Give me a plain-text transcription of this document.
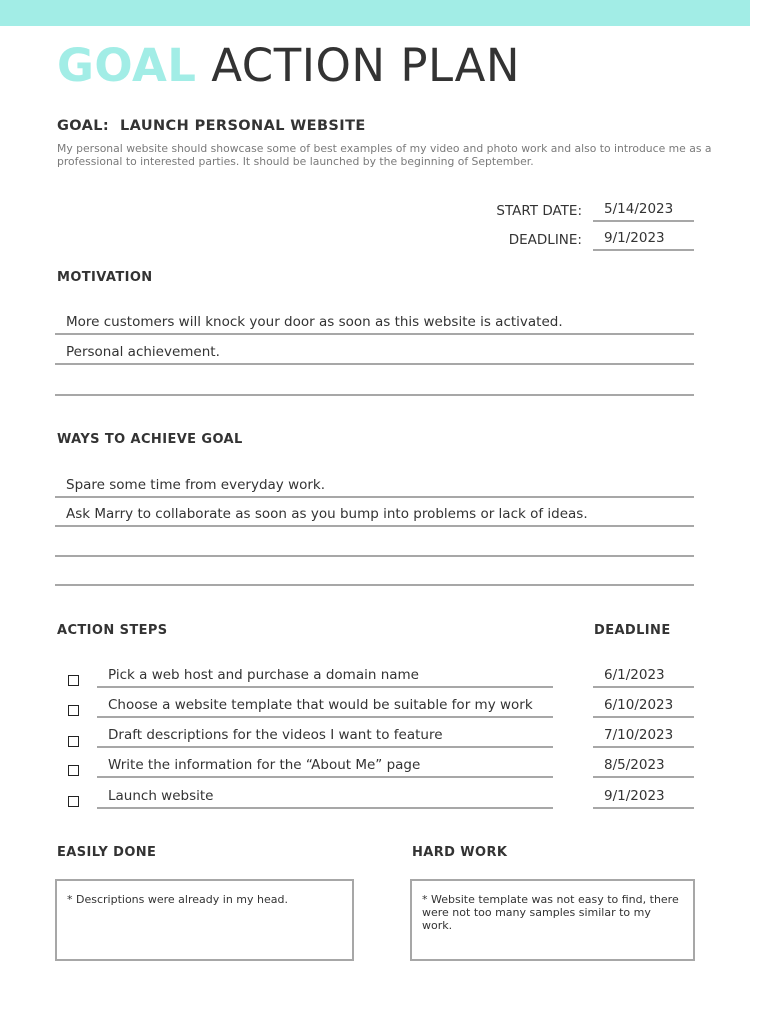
GOAL ACTION PLAN
GOAL: LAUNCH PERSONAL WEBSITE
My personal website should showcase some of best examples of my video and photo work and also to introduce me as a professional to interested parties. It should be launched by the beginning of September.
START DATE:	5/14/2023
DEADLINE:	9/1/2023
MOTIVATION
More customers will knock your door as soon as this website is activated.
Personal achievement.
WAYS TO ACHIEVE GOAL
Spare some time from everyday work.
Ask Marry to collaborate as soon as you bump into problems or lack of ideas.
ACTION STEPS	DEADLINE
Pick a web host and purchase a domain name	6/1/2023
Choose a website template that would be suitable for my work	6/10/2023
Draft descriptions for the videos I want to feature	7/10/2023
Write the information for the “About Me” page	8/5/2023
Launch website	9/1/2023
EASILY DONE	HARD WORK
* Descriptions were already in my head.	* Website template was not easy to find, there were not too many samples similar to my work.
